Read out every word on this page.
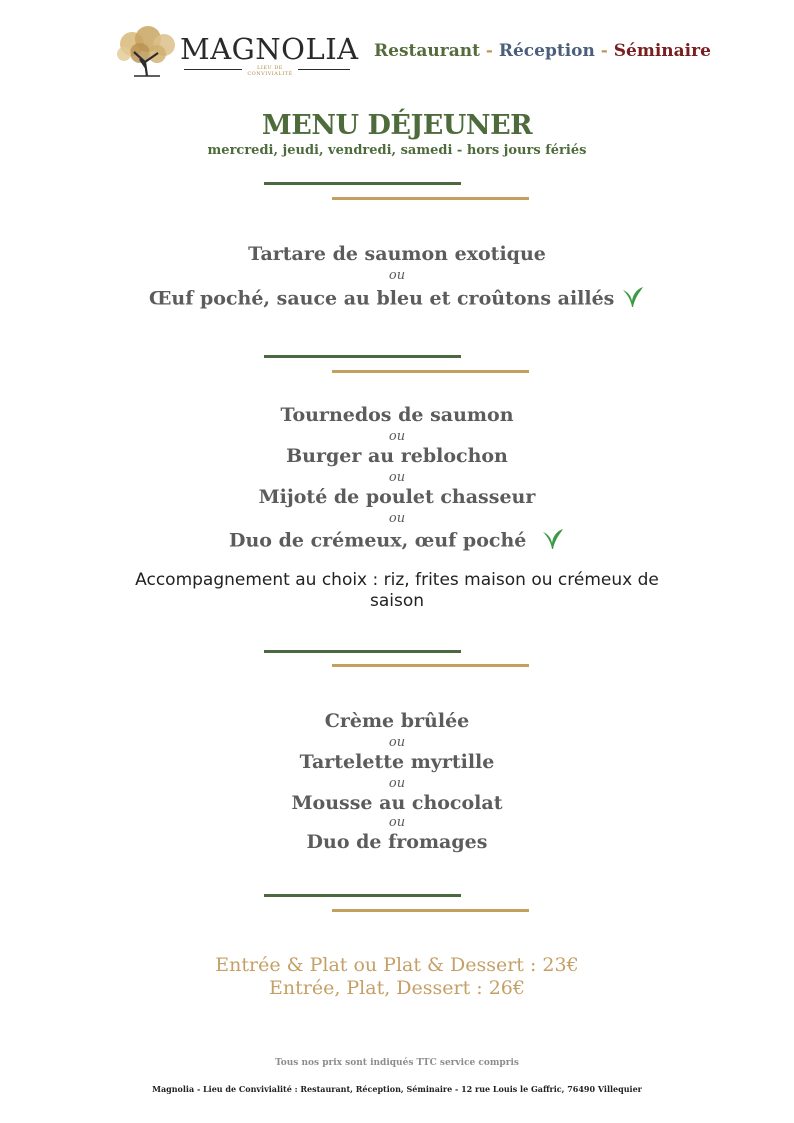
MAGNOLIA
LIEU DE CONVIVIALITÉ
Restaurant - Réception - Séminaire
MENU DÉJEUNER
mercredi, jeudi, vendredi, samedi - hors jours fériés
Tartare de saumon exotique
ou
Œuf poché, sauce au bleu et croûtons aillés
Tournedos de saumon
ou
Burger au reblochon
ou
Mijoté de poulet chasseur
ou
Duo de crémeux, œuf poché
Accompagnement au choix : riz, frites maison ou crémeux de saison
Crème brûlée
ou
Tartelette myrtille
ou
Mousse au chocolat
ou
Duo de fromages
Entrée & Plat ou Plat & Dessert : 23€
Entrée, Plat, Dessert : 26€
Tous nos prix sont indiqués TTC service compris
Magnolia - Lieu de Convivialité : Restaurant, Réception, Séminaire - 12 rue Louis le Gaffric, 76490 Villequier
